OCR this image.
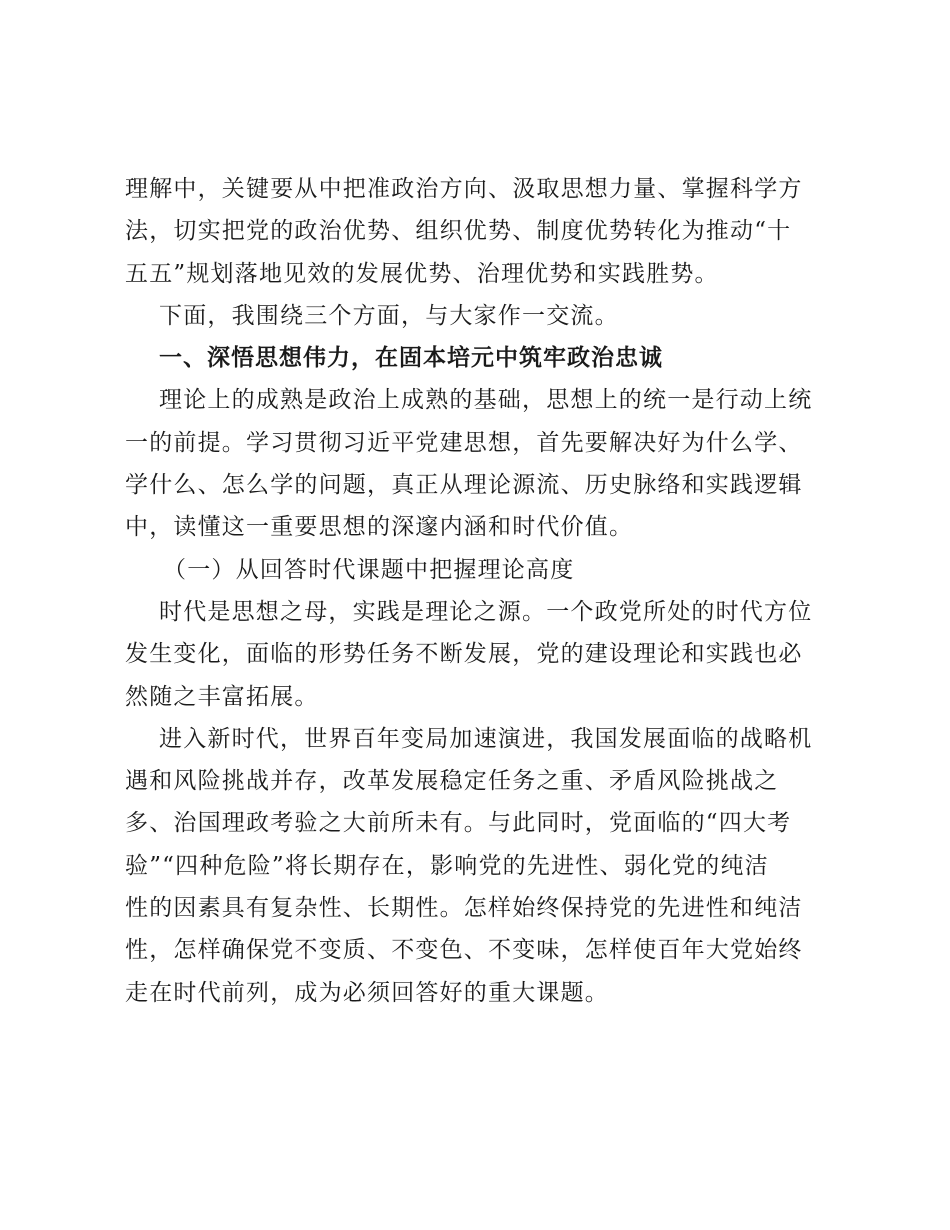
理解中，关键要从中把准政治方向、汲取思想力量、掌握科学方
法，切实把党的政治优势、组织优势、制度优势转化为推动“十
五五”规划落地见效的发展优势、治理优势和实践胜势。
下面，我围绕三个方面，与大家作一交流。
一、深悟思想伟力，在固本培元中筑牢政治忠诚
理论上的成熟是政治上成熟的基础，思想上的统一是行动上统
一的前提。学习贯彻习近平党建思想，首先要解决好为什么学、
学什么、怎么学的问题，真正从理论源流、历史脉络和实践逻辑
中，读懂这一重要思想的深邃内涵和时代价值。
（一）从回答时代课题中把握理论高度
时代是思想之母，实践是理论之源。一个政党所处的时代方位
发生变化，面临的形势任务不断发展，党的建设理论和实践也必
然随之丰富拓展。
进入新时代，世界百年变局加速演进，我国发展面临的战略机
遇和风险挑战并存，改革发展稳定任务之重、矛盾风险挑战之
多、治国理政考验之大前所未有。与此同时，党面临的“四大考
验”“四种危险”将长期存在，影响党的先进性、弱化党的纯洁
性的因素具有复杂性、长期性。怎样始终保持党的先进性和纯洁
性，怎样确保党不变质、不变色、不变味，怎样使百年大党始终
走在时代前列，成为必须回答好的重大课题。
